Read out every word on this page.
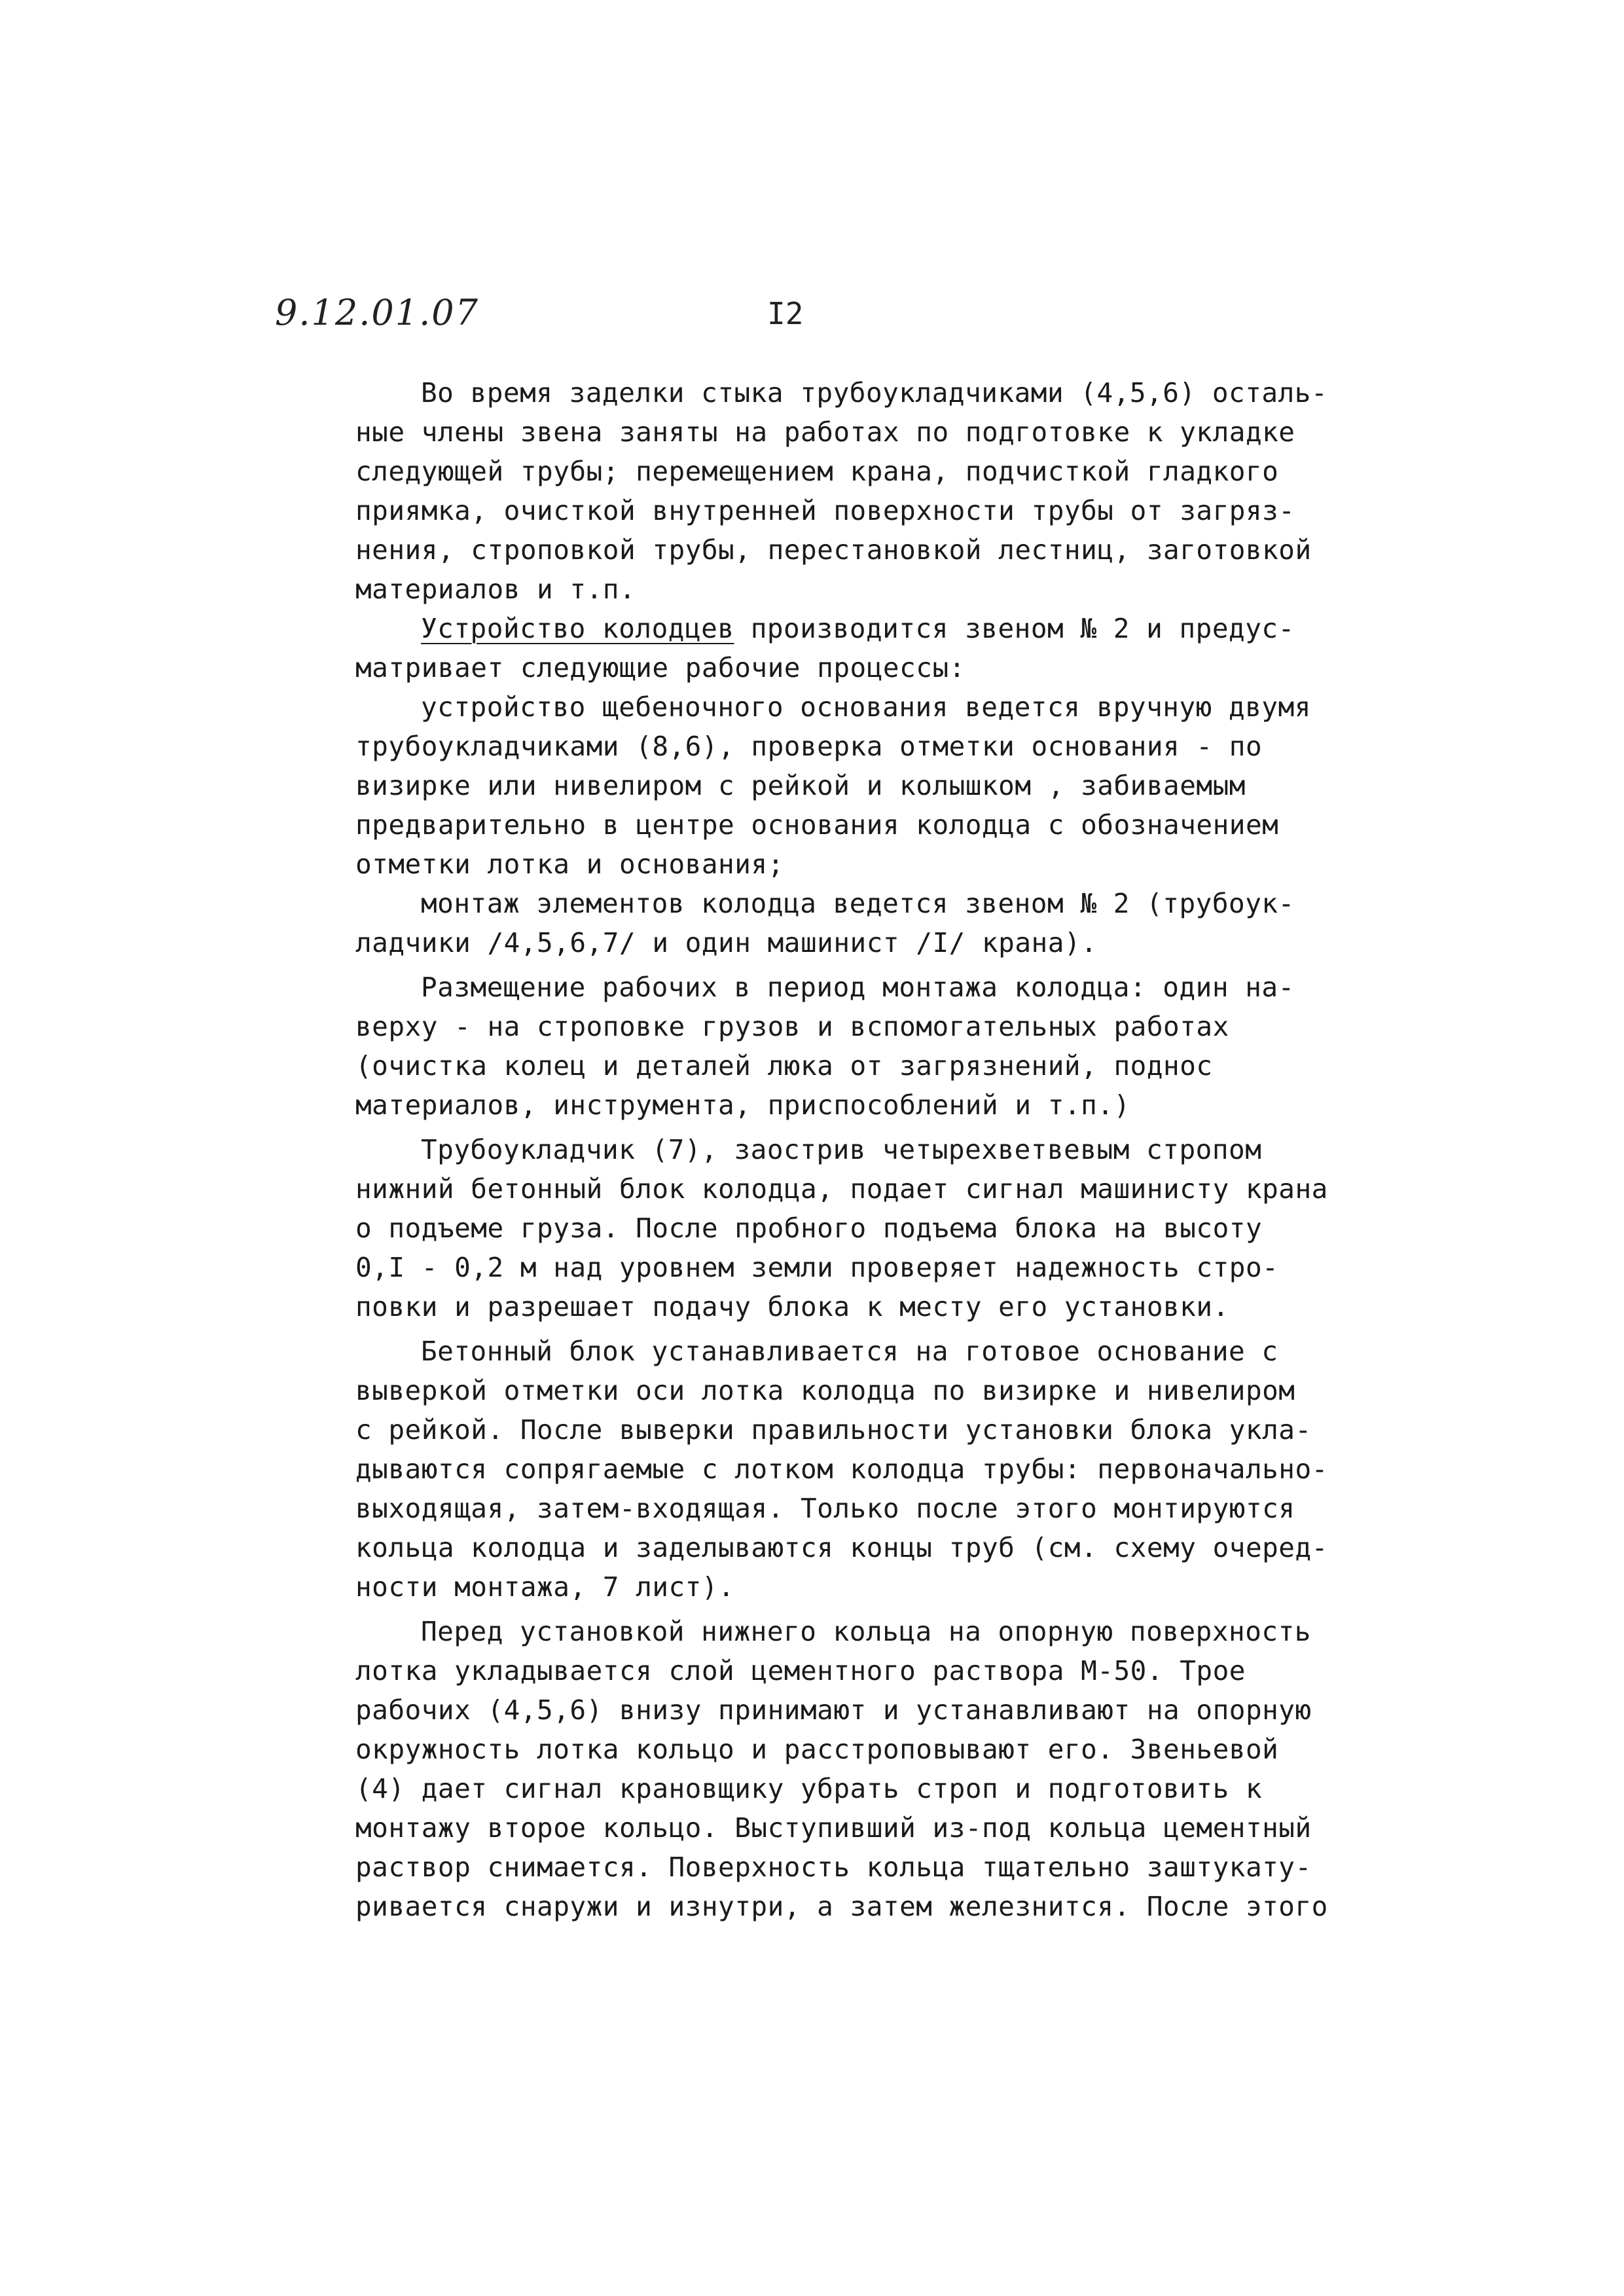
9.12.01.07	I2
Во время заделки стыка трубоукладчиками (4,5,6) осталь-
ные члены звена заняты на работах по подготовке к укладке
следующей трубы; перемещением крана, подчисткой гладкого
приямка, очисткой внутренней поверхности трубы от загряз-
нения, строповкой трубы, перестановкой лестниц, заготовкой
материалов и т.п.
Устройство колодцев производится звеном № 2 и предус-
матривает следующие рабочие процессы:
устройство щебеночного основания ведется вручную двумя
трубоукладчиками (8,6), проверка отметки основания - по
визирке или нивелиром с рейкой и колышком , забиваемым
предварительно в центре основания колодца с обозначением
отметки лотка и основания;
монтаж элементов колодца ведется звеном № 2 (трубоук-
ладчики /4,5,6,7/ и один машинист /I/ крана).
Размещение рабочих в период монтажа колодца: один на-
верху - на строповке грузов и вспомогательных работах
(очистка колец и деталей люка от загрязнений, поднос
материалов, инструмента, приспособлений и т.п.)
Трубоукладчик (7), заострив четырехветвевым стропом
нижний бетонный блок колодца, подает сигнал машинисту крана
о подъеме груза. После пробного подъема блока на высоту
0,I - 0,2 м над уровнем земли проверяет надежность стро-
повки и разрешает подачу блока к месту его установки.
Бетонный блок устанавливается на готовое основание с
выверкой отметки оси лотка колодца по визирке и нивелиром
с рейкой. После выверки правильности установки блока укла-
дываются сопрягаемые с лотком колодца трубы: первоначально-
выходящая, затем-входящая. Только после этого монтируются
кольца колодца и заделываются концы труб (см. схему очеред-
ности монтажа, 7 лист).
Перед установкой нижнего кольца на опорную поверхность
лотка укладывается слой цементного раствора М-50. Трое
рабочих (4,5,6) внизу принимают и устанавливают на опорную
окружность лотка кольцо и расстроповывают его. Звеньевой
(4) дает сигнал крановщику убрать строп и подготовить к
монтажу второе кольцо. Выступивший из-под кольца цементный
раствор снимается. Поверхность кольца тщательно заштукату-
ривается снаружи и изнутри, а затем железнится. После этого
